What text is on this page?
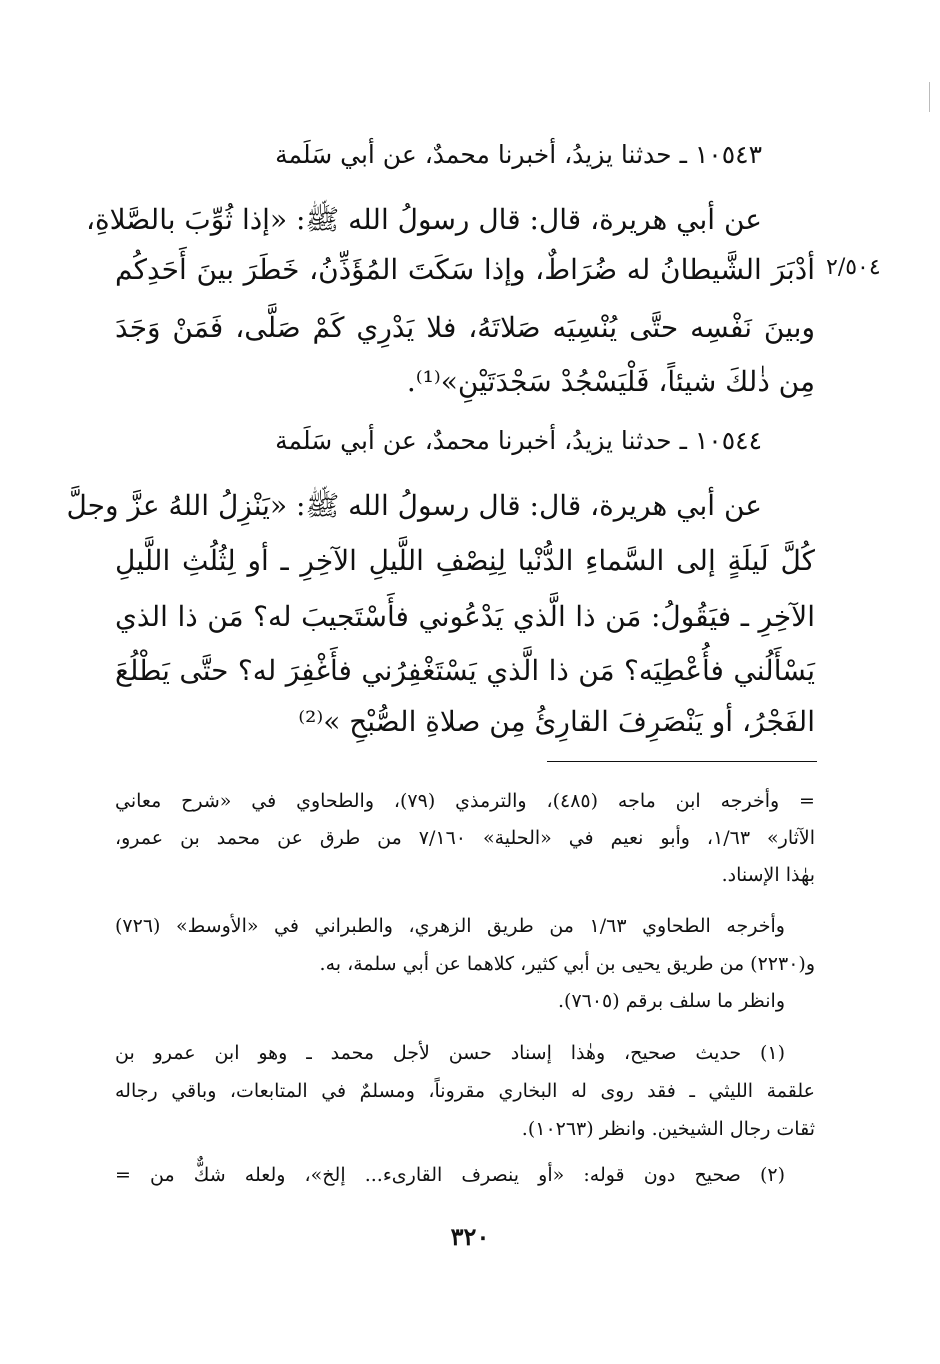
١٠٥٤٣ ـ حدثنا يزيدُ، أخبرنا محمدٌ، عن أبي سَلَمة
عن أبي هريرة، قال: قال رسولُ الله ﷺ: «إذا ثُوِّبَ بالصَّلاةِ،
أدْبَرَ الشَّيطانُ له ضُرَاطٌ، وإذا سَكَتَ المُؤَذِّنُ، خَطَرَ بينَ أَحَدِكُم
وبينَ نَفْسِه حتَّى يُنْسِيَه صَلاتَهُ، فلا يَدْرِي كَمْ صَلَّى، فَمَنْ وَجَدَ
مِن ذٰلكَ شيئاً، فَلْيَسْجُدْ سَجْدَتَيْنِ»⁽¹⁾.
٢/٥٠٤
١٠٥٤٤ ـ حدثنا يزيدُ، أخبرنا محمدٌ، عن أبي سَلَمة
عن أبي هريرة، قال: قال رسولُ الله ﷺ: «يَنْزِلُ اللهُ عزَّ وجلَّ
كُلَّ لَيلَةٍ إلى السَّماءِ الدُّنْيا لِنِصْفِ اللَّيلِ الآخِرِ ـ أو لِثُلُثِ اللَّيلِ
الآخِرِ ـ فيَقُولُ: مَن ذا الَّذي يَدْعُوني فأَسْتَجيبَ له؟ مَن ذا الذي
يَسْأَلُني فأُعْطِيَه؟ مَن ذا الَّذي يَسْتَغْفِرُني فأَغْفِرَ له؟ حتَّى يَطْلُعَ
الفَجْرُ، أو يَنْصَرِفَ القارِئُ مِن صلاةِ الصُّبْحِ »⁽²⁾
= وأخرجه ابن ماجه (٤٨٥)، والترمذي (٧٩)، والطحاوي في «شرح معاني
الآثار» ١/٦٣، وأبو نعيم في «الحلية» ٧/١٦٠ من طرق عن محمد بن عمرو،
بهٰذا الإسناد.
وأخرجه الطحاوي ١/٦٣ من طريق الزهري، والطبراني في «الأوسط» (٧٢٦)
و(٢٢٣٠) من طريق يحيى بن أبي كثير، كلاهما عن أبي سلمة، به.
وانظر ما سلف برقم (٧٦٠٥).
(١) حديث صحيح، وهٰذا إسناد حسن لأجل محمد ـ وهو ابن عمرو بن
علقمة الليثي ـ فقد روى له البخاري مقروناً، ومسلمٌ في المتابعات، وباقي رجاله
ثقات رجال الشيخين. وانظر (١٠٢٦٣).
(٢) صحيح دون قوله: «أو ينصرف القارىء... إلخ»، ولعله شكٌّ من =
٣٢٠
